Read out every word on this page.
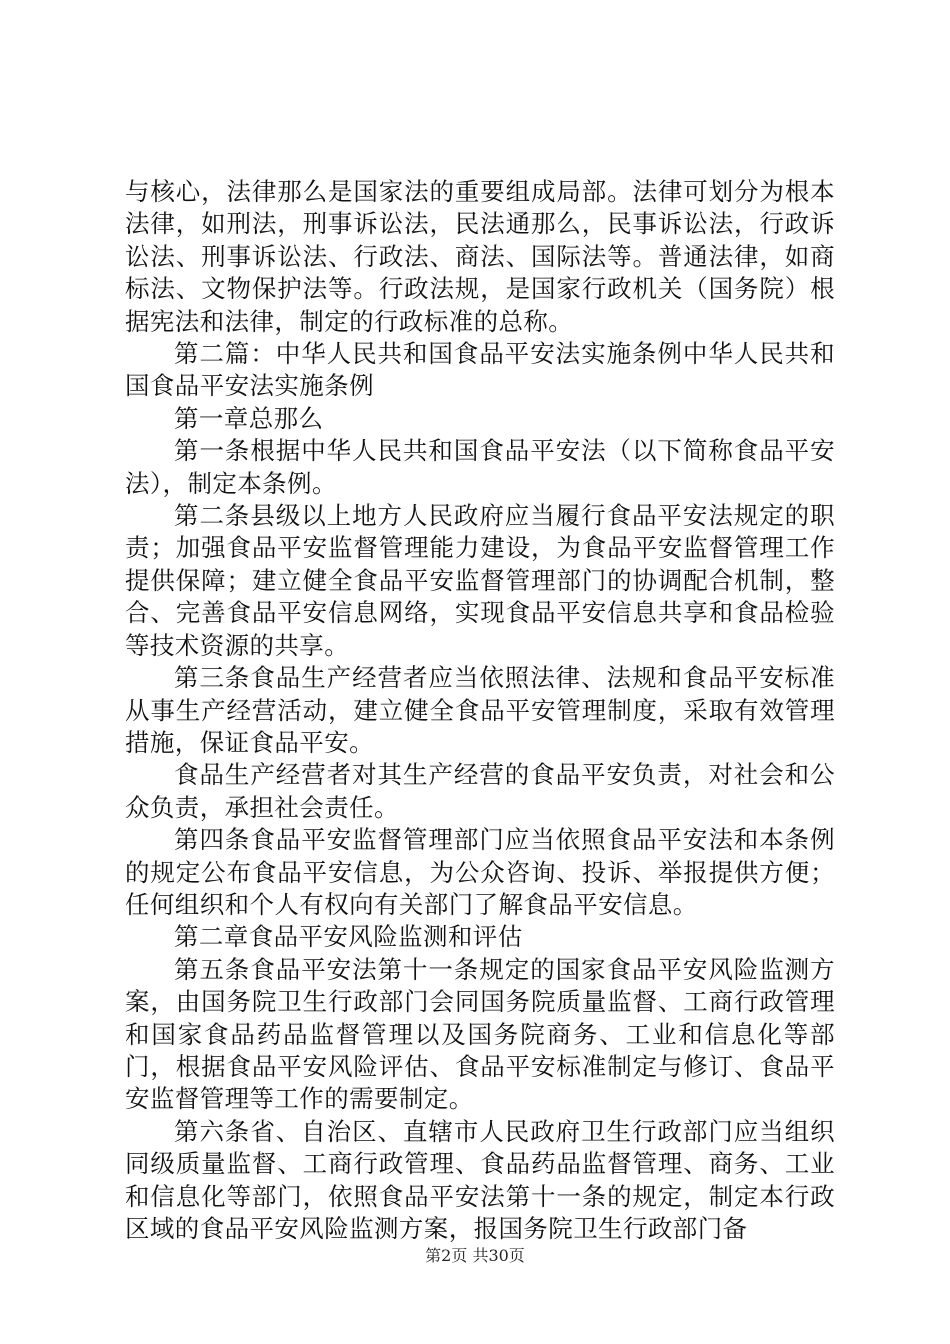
与核心，法律那么是国家法的重要组成局部。法律可划分为根本法律，如刑法，刑事诉讼法，民法通那么，民事诉讼法，行政诉讼法、刑事诉讼法、行政法、商法、国际法等。普通法律，如商标法、文物保护法等。行政法规，是国家行政机关（国务院）根据宪法和法律，制定的行政标准的总称。

第二篇：中华人民共和国食品平安法实施条例中华人民共和国食品平安法实施条例

第一章总那么

第一条根据中华人民共和国食品平安法（以下简称食品平安法），制定本条例。

第二条县级以上地方人民政府应当履行食品平安法规定的职责；加强食品平安监督管理能力建设，为食品平安监督管理工作提供保障；建立健全食品平安监督管理部门的协调配合机制，整合、完善食品平安信息网络，实现食品平安信息共享和食品检验等技术资源的共享。

第三条食品生产经营者应当依照法律、法规和食品平安标准从事生产经营活动，建立健全食品平安管理制度，采取有效管理措施，保证食品平安。

食品生产经营者对其生产经营的食品平安负责，对社会和公众负责，承担社会责任。

第四条食品平安监督管理部门应当依照食品平安法和本条例的规定公布食品平安信息，为公众咨询、投诉、举报提供方便；任何组织和个人有权向有关部门了解食品平安信息。

第二章食品平安风险监测和评估

第五条食品平安法第十一条规定的国家食品平安风险监测方案，由国务院卫生行政部门会同国务院质量监督、工商行政管理和国家食品药品监督管理以及国务院商务、工业和信息化等部门，根据食品平安风险评估、食品平安标准制定与修订、食品平安监督管理等工作的需要制定。

第六条省、自治区、直辖市人民政府卫生行政部门应当组织同级质量监督、工商行政管理、食品药品监督管理、商务、工业和信息化等部门，依照食品平安法第十一条的规定，制定本行政区域的食品平安风险监测方案，报国务院卫生行政部门备

第2页 共30页
